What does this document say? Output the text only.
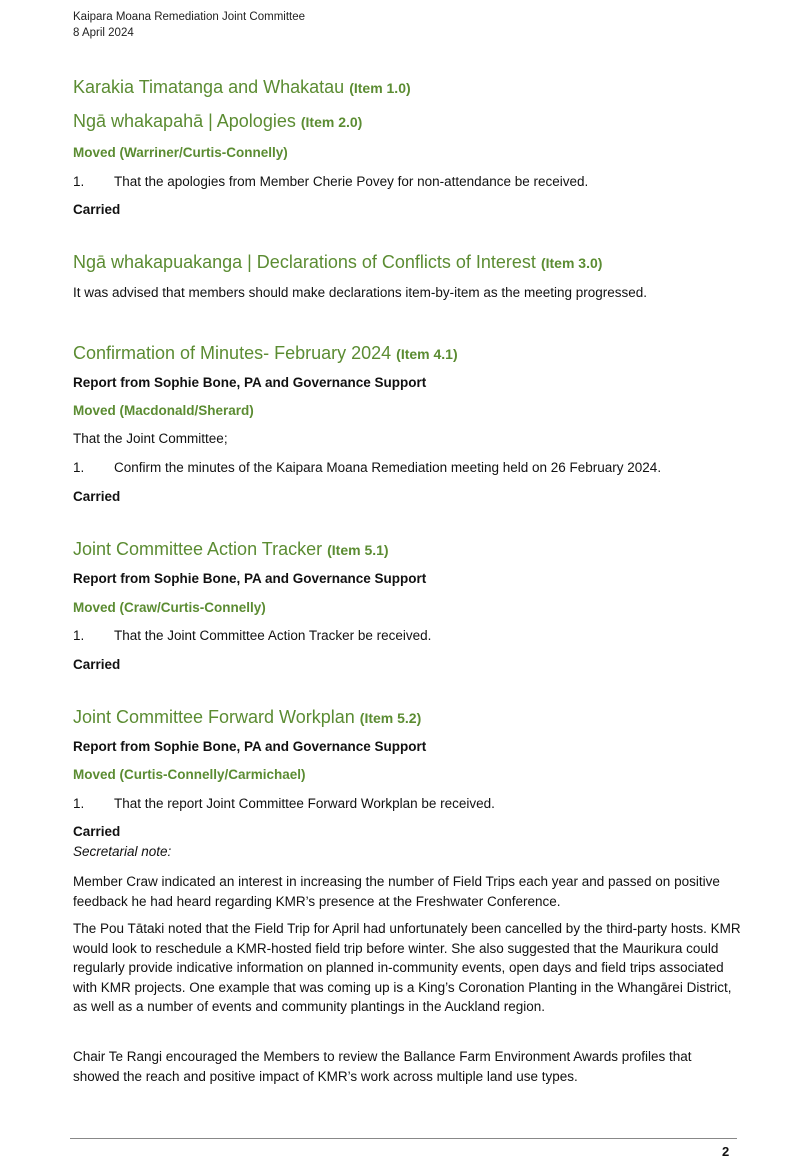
Kaipara Moana Remediation Joint Committee
8 April 2024
Karakia Timatanga and Whakatau (Item 1.0)
Ngā whakapahā | Apologies (Item 2.0)
Moved (Warriner/Curtis-Connelly)
1. That the apologies from Member Cherie Povey for non-attendance be received.
Carried
Ngā whakapuakanga | Declarations of Conflicts of Interest (Item 3.0)
It was advised that members should make declarations item-by-item as the meeting progressed.
Confirmation of Minutes- February 2024 (Item 4.1)
Report from Sophie Bone, PA and Governance Support
Moved (Macdonald/Sherard)
That the Joint Committee;
1. Confirm the minutes of the Kaipara Moana Remediation meeting held on 26 February 2024.
Carried
Joint Committee Action Tracker (Item 5.1)
Report from Sophie Bone, PA and Governance Support
Moved (Craw/Curtis-Connelly)
1. That the Joint Committee Action Tracker be received.
Carried
Joint Committee Forward Workplan (Item 5.2)
Report from Sophie Bone, PA and Governance Support
Moved (Curtis-Connelly/Carmichael)
1. That the report Joint Committee Forward Workplan be received.
Carried
Secretarial note:
Member Craw indicated an interest in increasing the number of Field Trips each year and passed on positive feedback he had heard regarding KMR’s presence at the Freshwater Conference.
The Pou Tātaki noted that the Field Trip for April had unfortunately been cancelled by the third-party hosts. KMR would look to reschedule a KMR-hosted field trip before winter. She also suggested that the Maurikura could regularly provide indicative information on planned in-community events, open days and field trips associated with KMR projects. One example that was coming up is a King’s Coronation Planting in the Whangārei District, as well as a number of events and community plantings in the Auckland region.
Chair Te Rangi encouraged the Members to review the Ballance Farm Environment Awards profiles that showed the reach and positive impact of KMR’s work across multiple land use types.
2
